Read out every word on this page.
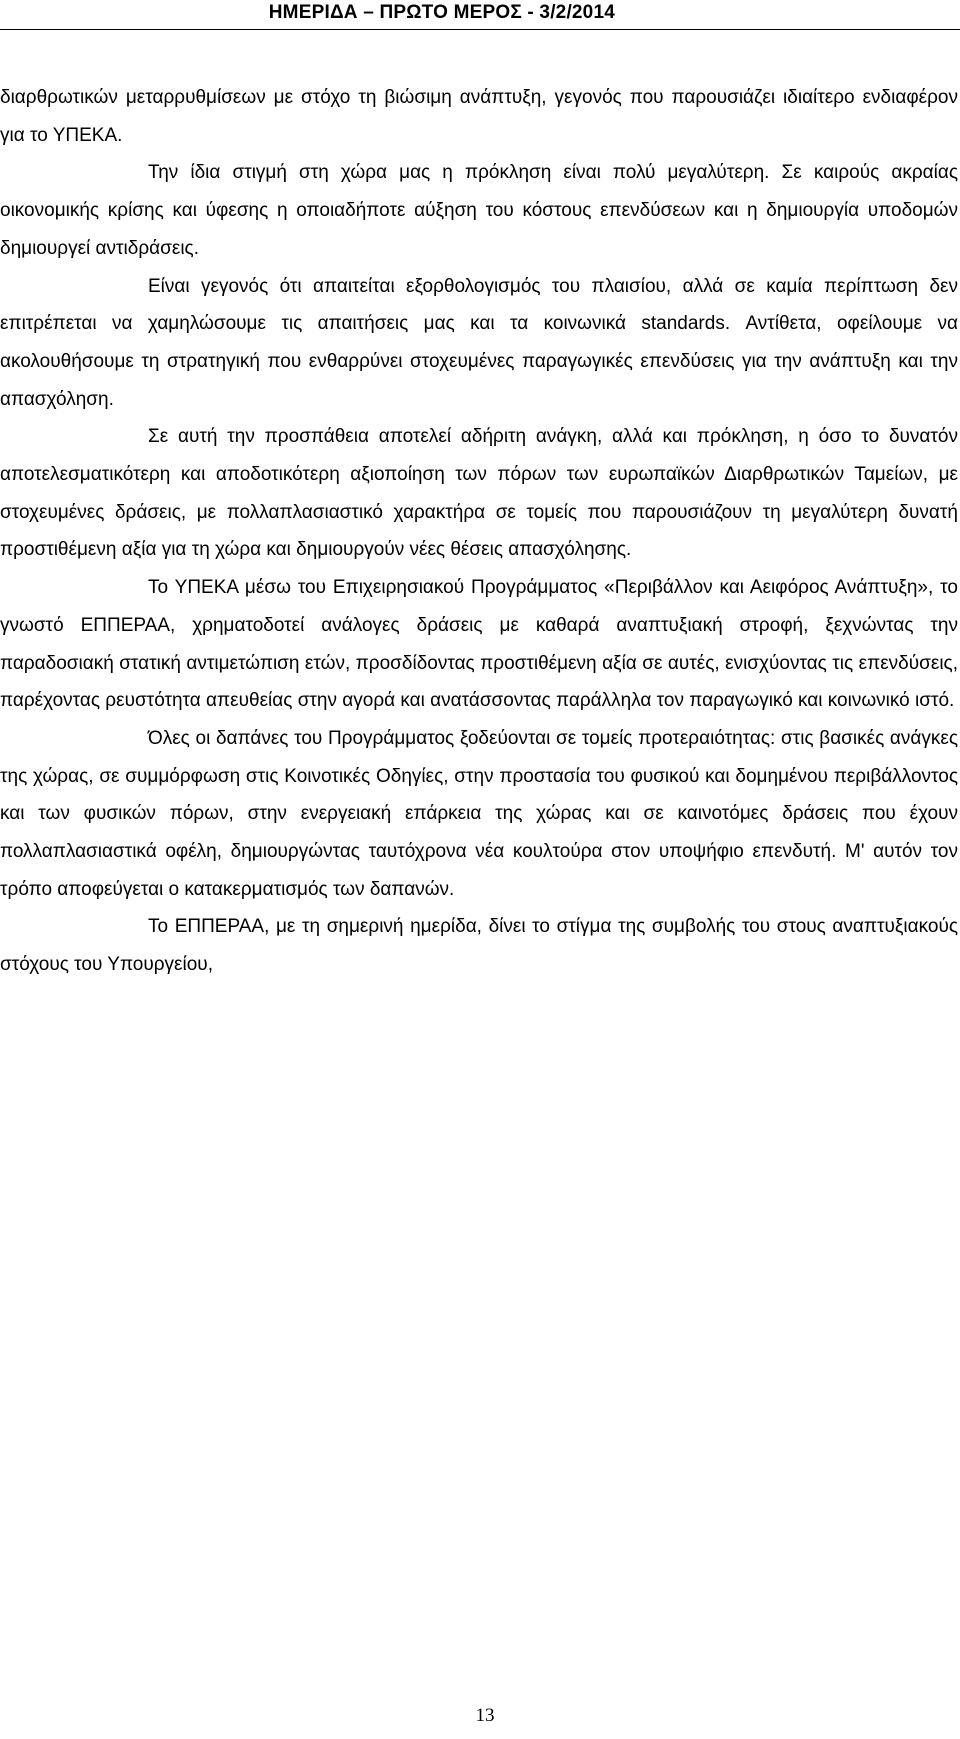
ΗΜΕΡΙΔΑ – ΠΡΩΤΟ ΜΕΡΟΣ - 3/2/2014

διαρθρωτικών μεταρρυθμίσεων με στόχο τη βιώσιμη ανάπτυξη, γεγονός που παρουσιάζει ιδιαίτερο ενδιαφέρον για το ΥΠΕΚΑ.

Την ίδια στιγμή στη χώρα μας η πρόκληση είναι πολύ μεγαλύτερη. Σε καιρούς ακραίας οικονομικής κρίσης και ύφεσης η οποιαδήποτε αύξηση του κόστους επενδύσεων και η δημιουργία υποδομών δημιουργεί αντιδράσεις.

Είναι γεγονός ότι απαιτείται εξορθολογισμός του πλαισίου, αλλά σε καμία περίπτωση δεν επιτρέπεται να χαμηλώσουμε τις απαιτήσεις μας και τα κοινωνικά standards. Αντίθετα, οφείλουμε να ακολουθήσουμε τη στρατηγική που ενθαρρύνει στοχευμένες παραγωγικές επενδύσεις για την ανάπτυξη και την απασχόληση.

Σε αυτή την προσπάθεια αποτελεί αδήριτη ανάγκη, αλλά και πρόκληση, η όσο το δυνατόν αποτελεσματικότερη και αποδοτικότερη αξιοποίηση των πόρων των ευρωπαϊκών Διαρθρωτικών Ταμείων, με στοχευμένες δράσεις, με πολλαπλασιαστικό χαρακτήρα σε τομείς που παρουσιάζουν τη μεγαλύτερη δυνατή προστιθέμενη αξία για τη χώρα και δημιουργούν νέες θέσεις απασχόλησης.

Το ΥΠΕΚΑ μέσω του Επιχειρησιακού Προγράμματος «Περιβάλλον και Αειφόρος Ανάπτυξη», το γνωστό ΕΠΠΕΡΑΑ, χρηματοδοτεί ανάλογες δράσεις με καθαρά αναπτυξιακή στροφή, ξεχνώντας την παραδοσιακή στατική αντιμετώπιση ετών, προσδίδοντας προστιθέμενη αξία σε αυτές, ενισχύοντας τις επενδύσεις, παρέχοντας ρευστότητα απευθείας στην αγορά και ανατάσσοντας παράλληλα τον παραγωγικό και κοινωνικό ιστό.

Όλες οι δαπάνες του Προγράμματος ξοδεύονται σε τομείς προτεραιότητας: στις βασικές ανάγκες της χώρας, σε συμμόρφωση στις Κοινοτικές Οδηγίες, στην προστασία του φυσικού και δομημένου περιβάλλοντος και των φυσικών πόρων, στην ενεργειακή επάρκεια της χώρας και σε καινοτόμες δράσεις που έχουν πολλαπλασιαστικά οφέλη, δημιουργώντας ταυτόχρονα νέα κουλτούρα στον υποψήφιο επενδυτή. Μ' αυτόν τον τρόπο αποφεύγεται ο κατακερματισμός των δαπανών.

Το ΕΠΠΕΡΑΑ, με τη σημερινή ημερίδα, δίνει το στίγμα της συμβολής του στους αναπτυξιακούς στόχους του Υπουργείου,

13
